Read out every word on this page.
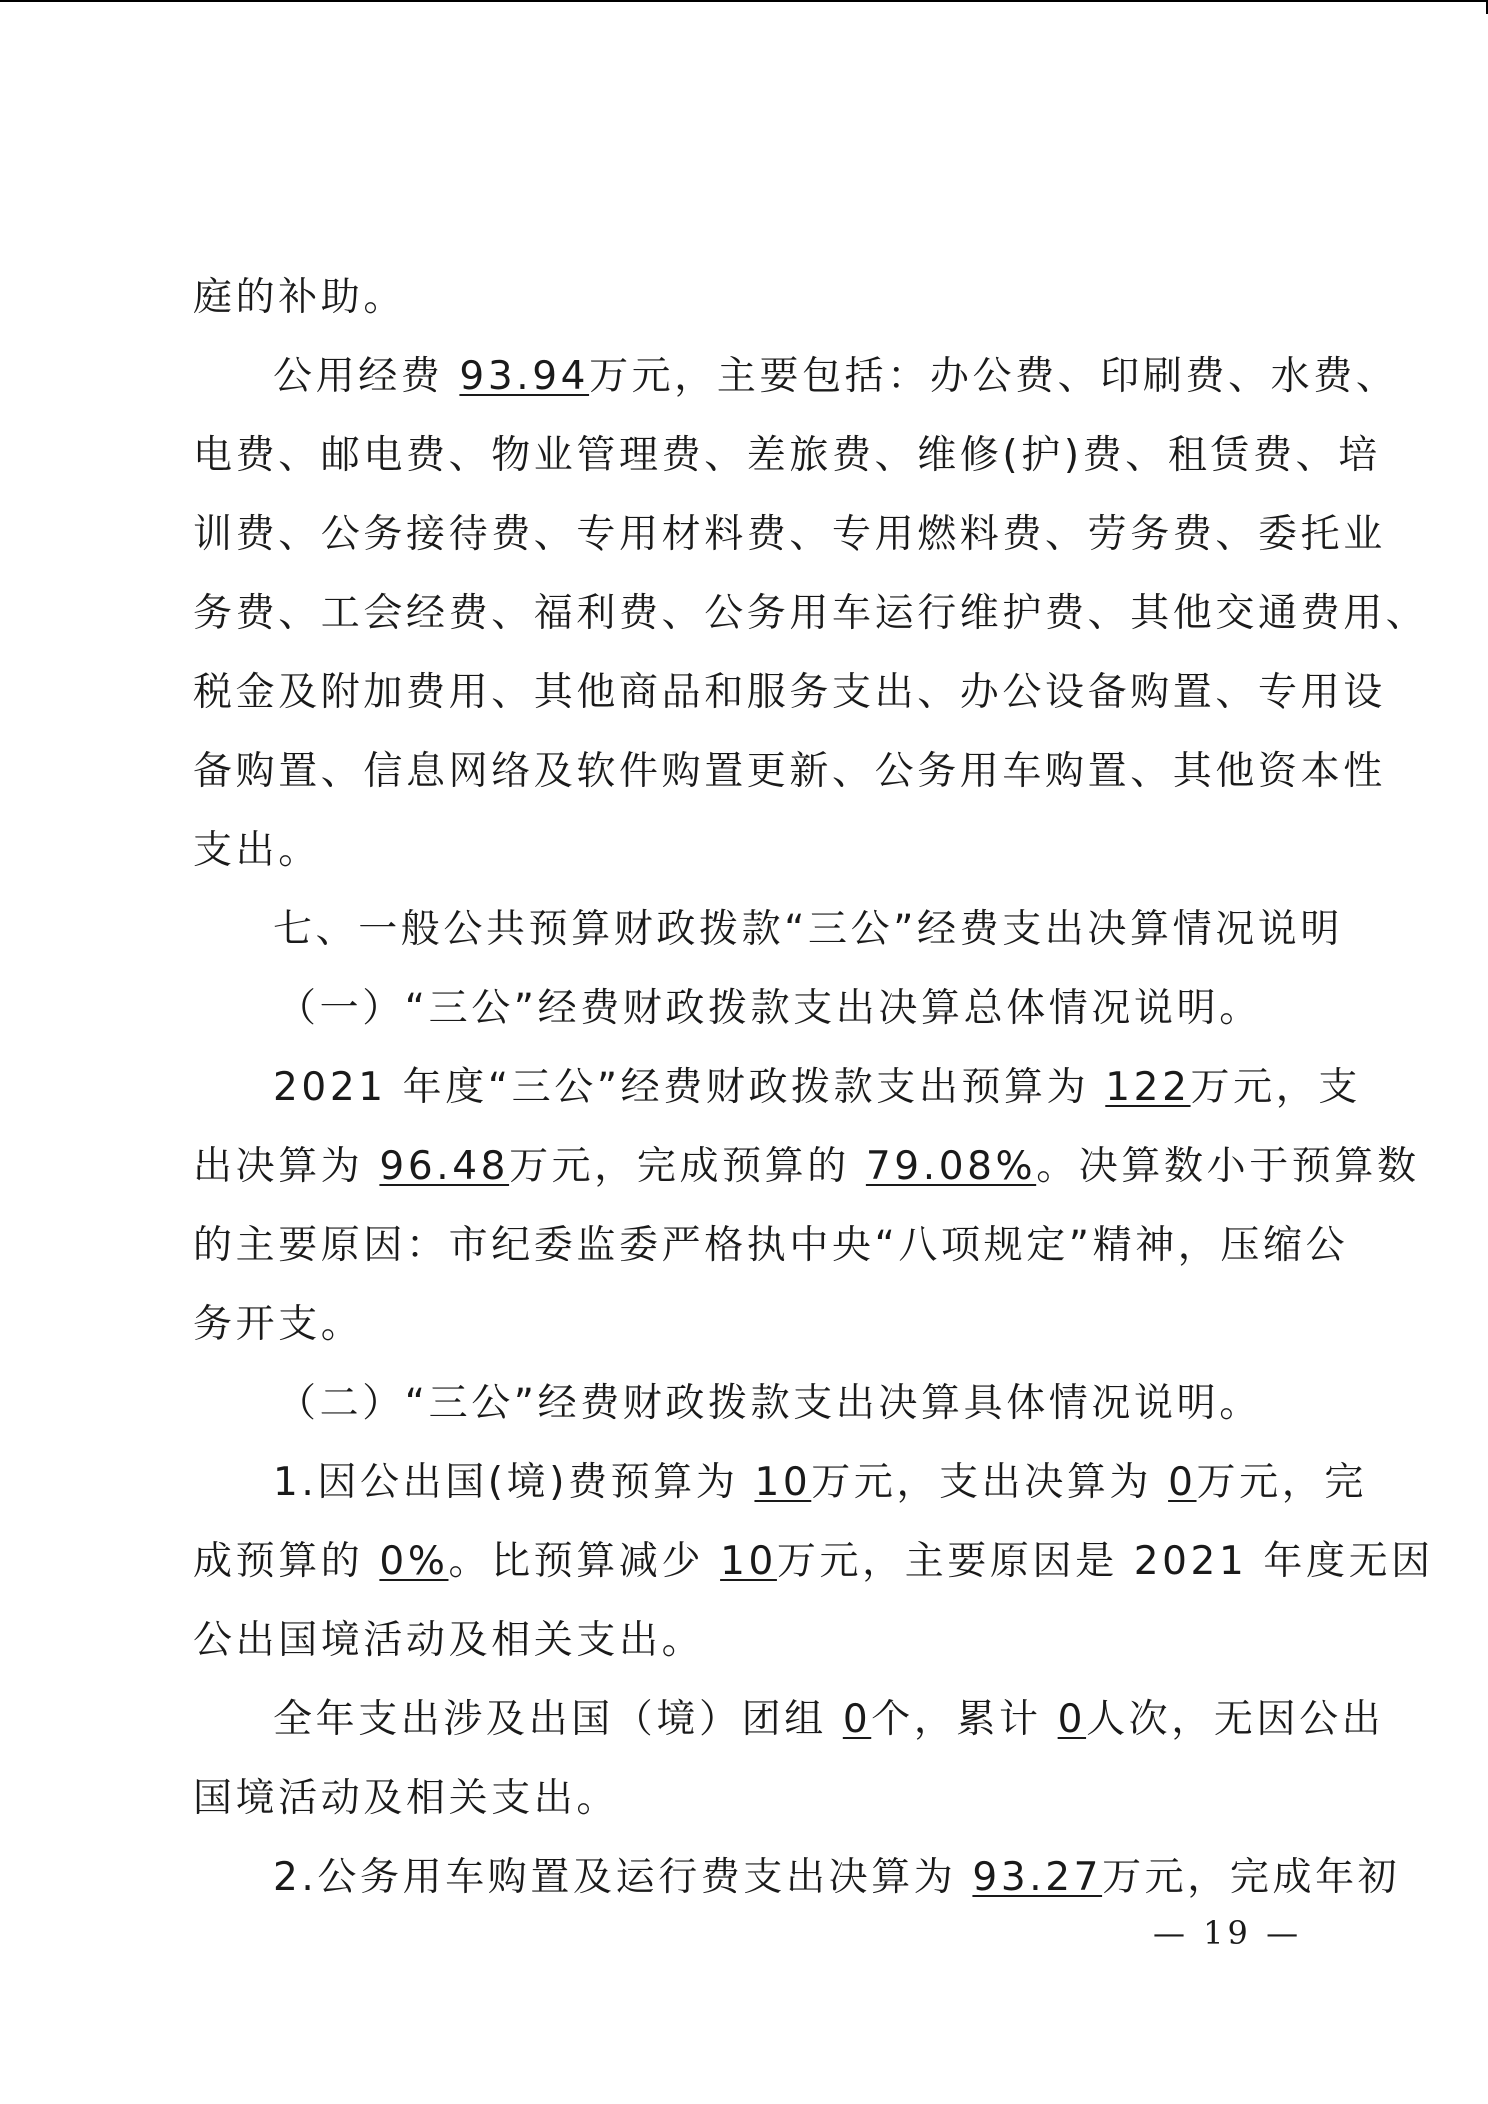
庭的补助。

公用经费 93.94万元，主要包括：办公费、印刷费、水费、

电费、邮电费、物业管理费、差旅费、维修(护)费、租赁费、培

训费、公务接待费、专用材料费、专用燃料费、劳务费、委托业

务费、工会经费、福利费、公务用车运行维护费、其他交通费用、

税金及附加费用、其他商品和服务支出、办公设备购置、专用设

备购置、信息网络及软件购置更新、公务用车购置、其他资本性

支出。

七、一般公共预算财政拨款“三公”经费支出决算情况说明

（一）“三公”经费财政拨款支出决算总体情况说明。

2021 年度“三公”经费财政拨款支出预算为 122万元，支

出决算为 96.48万元，完成预算的 79.08%。决算数小于预算数

的主要原因：市纪委监委严格执中央“八项规定”精神，压缩公

务开支。

（二）“三公”经费财政拨款支出决算具体情况说明。

1.因公出国(境)费预算为 10万元，支出决算为 0万元，完

成预算的 0%。比预算减少 10万元，主要原因是 2021 年度无因

公出国境活动及相关支出。

全年支出涉及出国（境）团组 0个，累计 0人次，无因公出

国境活动及相关支出。

2.公务用车购置及运行费支出决算为 93.27万元，完成年初

— 19 —
